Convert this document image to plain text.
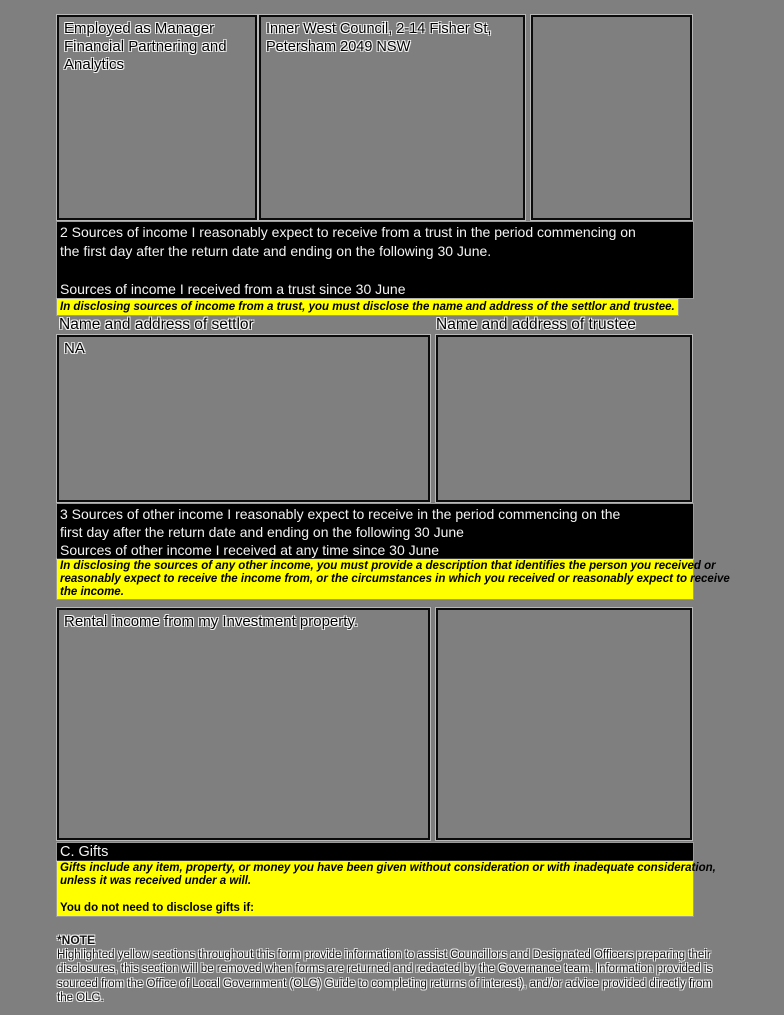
Employed as Manager Financial Partnering and Analytics
Inner West Council, 2-14 Fisher St, Petersham 2049 NSW
2 Sources of income I reasonably expect to receive from a trust in the period commencing on
the first day after the return date and ending on the following 30 June.
Sources of income I received from a trust since 30 June
In disclosing sources of income from a trust, you must disclose the name and address of the settlor and trustee.
Name and address of settlor	Name and address of trustee
NA
3 Sources of other income I reasonably expect to receive in the period commencing on the
first day after the return date and ending on the following 30 June
Sources of other income I received at any time since 30 June
In disclosing the sources of any other income, you must provide a description that identifies the person you received or
reasonably expect to receive the income from, or the circumstances in which you received or reasonably expect to receive
the income.
Rental income from my Investment property.
C. Gifts
Gifts include any item, property, or money you have been given without consideration or with inadequate consideration,
unless it was received under a will.
You do not need to disclose gifts if:
*NOTE
Highlighted yellow sections throughout this form provide information to assist Councillors and Designated Officers preparing their
disclosures, this section will be removed when forms are returned and redacted by the Governance team. Information provided is
sourced from the Office of Local Government (OLG) Guide to completing returns of interest), and/or advice provided directly from
the OLG.
